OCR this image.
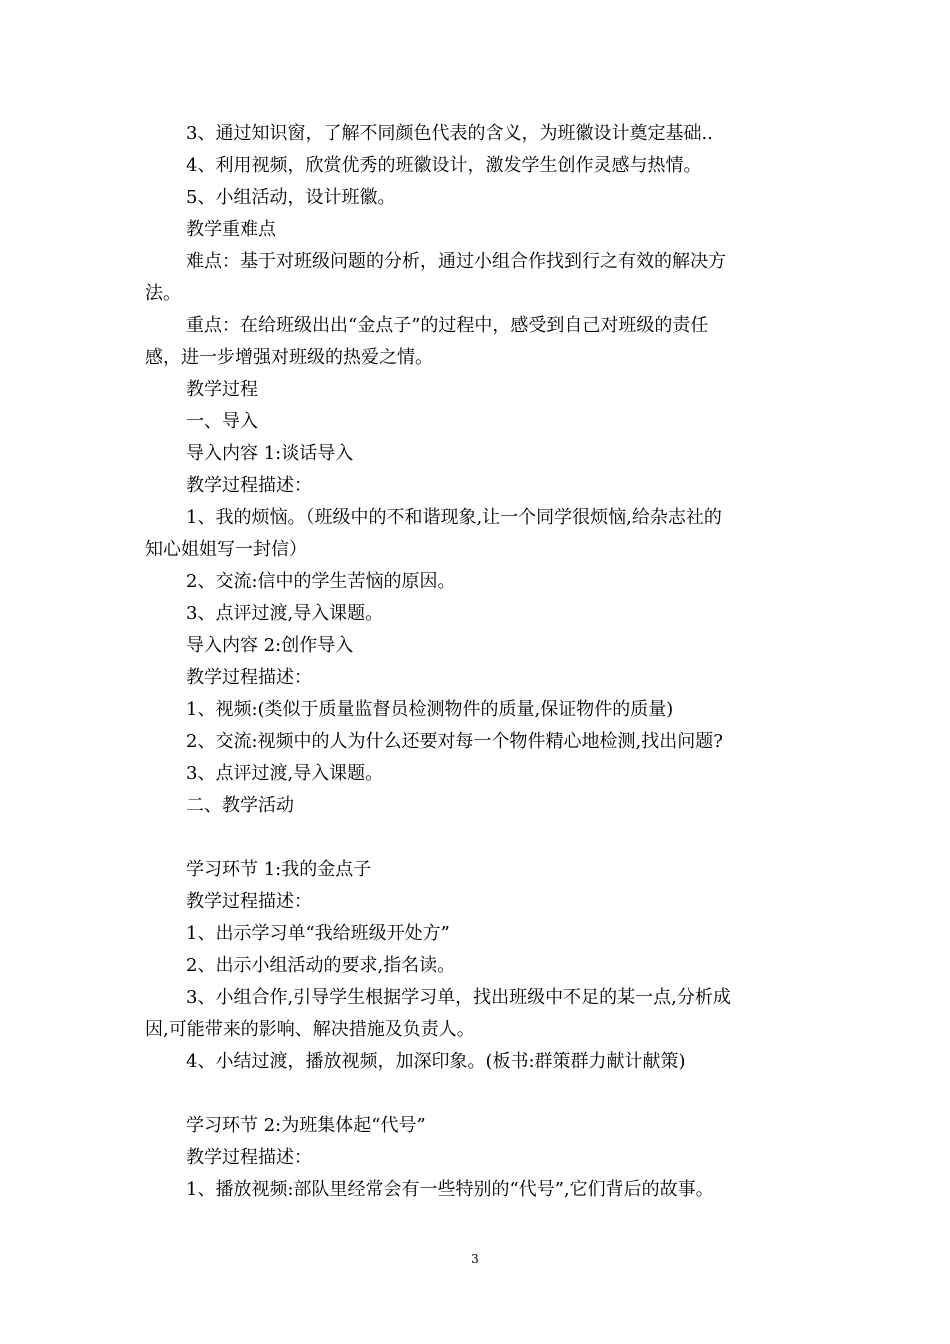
3、通过知识窗，了解不同颜色代表的含义，为班徽设计奠定基础..
4、利用视频，欣赏优秀的班徽设计，激发学生创作灵感与热情。
5、小组活动，设计班徽。
教学重难点
难点：基于对班级问题的分析，通过小组合作找到行之有效的解决方
法。
重点：在给班级出出“金点子”的过程中，感受到自己对班级的责任
感，进一步增强对班级的热爱之情。
教学过程
一、导入
导入内容 1:谈话导入
教学过程描述：
1、我的烦恼。（班级中的不和谐现象,让一个同学很烦恼,给杂志社的
知心姐姐写一封信）
2、交流:信中的学生苦恼的原因。
3、点评过渡,导入课题。
导入内容 2:创作导入
教学过程描述：
1、视频:(类似于质量监督员检测物件的质量,保证物件的质量)
2、交流:视频中的人为什么还要对每一个物件精心地检测,找出问题?
3、点评过渡,导入课题。
二、教学活动
学习环节 1:我的金点子
教学过程描述：
1、出示学习单“我给班级开处方”
2、出示小组活动的要求,指名读。
3、小组合作,引导学生根据学习单，找出班级中不足的某一点,分析成
因,可能带来的影响、解决措施及负责人。
4、小结过渡，播放视频，加深印象。(板书:群策群力献计献策)
学习环节 2:为班集体起“代号”
教学过程描述：
1、播放视频:部队里经常会有一些特别的“代号”,它们背后的故事。
3
